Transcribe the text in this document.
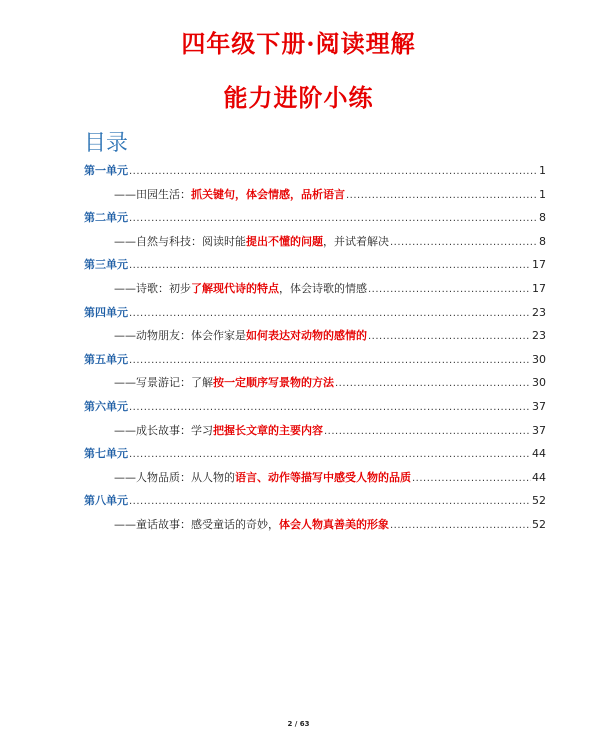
四年级下册·阅读理解
能力进阶小练
目录
第一单元 .....	1
——田园生活：抓关键句，体会情感，品析语言 .....	1
第二单元 .....	8
——自然与科技：阅读时能提出不懂的问题，并试着解决 .....	8
第三单元 .....	17
——诗歌：初步了解现代诗的特点，体会诗歌的情感 .....	17
第四单元 .....	23
——动物朋友：体会作家是如何表达对动物的感情的 .....	23
第五单元 .....	30
——写景游记：了解按一定顺序写景物的方法 .....	30
第六单元 .....	37
——成长故事：学习把握长文章的主要内容 .....	37
第七单元 .....	44
——人物品质：从人物的语言、动作等描写中感受人物的品质 .....	44
第八单元 .....	52
——童话故事：感受童话的奇妙，体会人物真善美的形象 .....	52
2 / 63
